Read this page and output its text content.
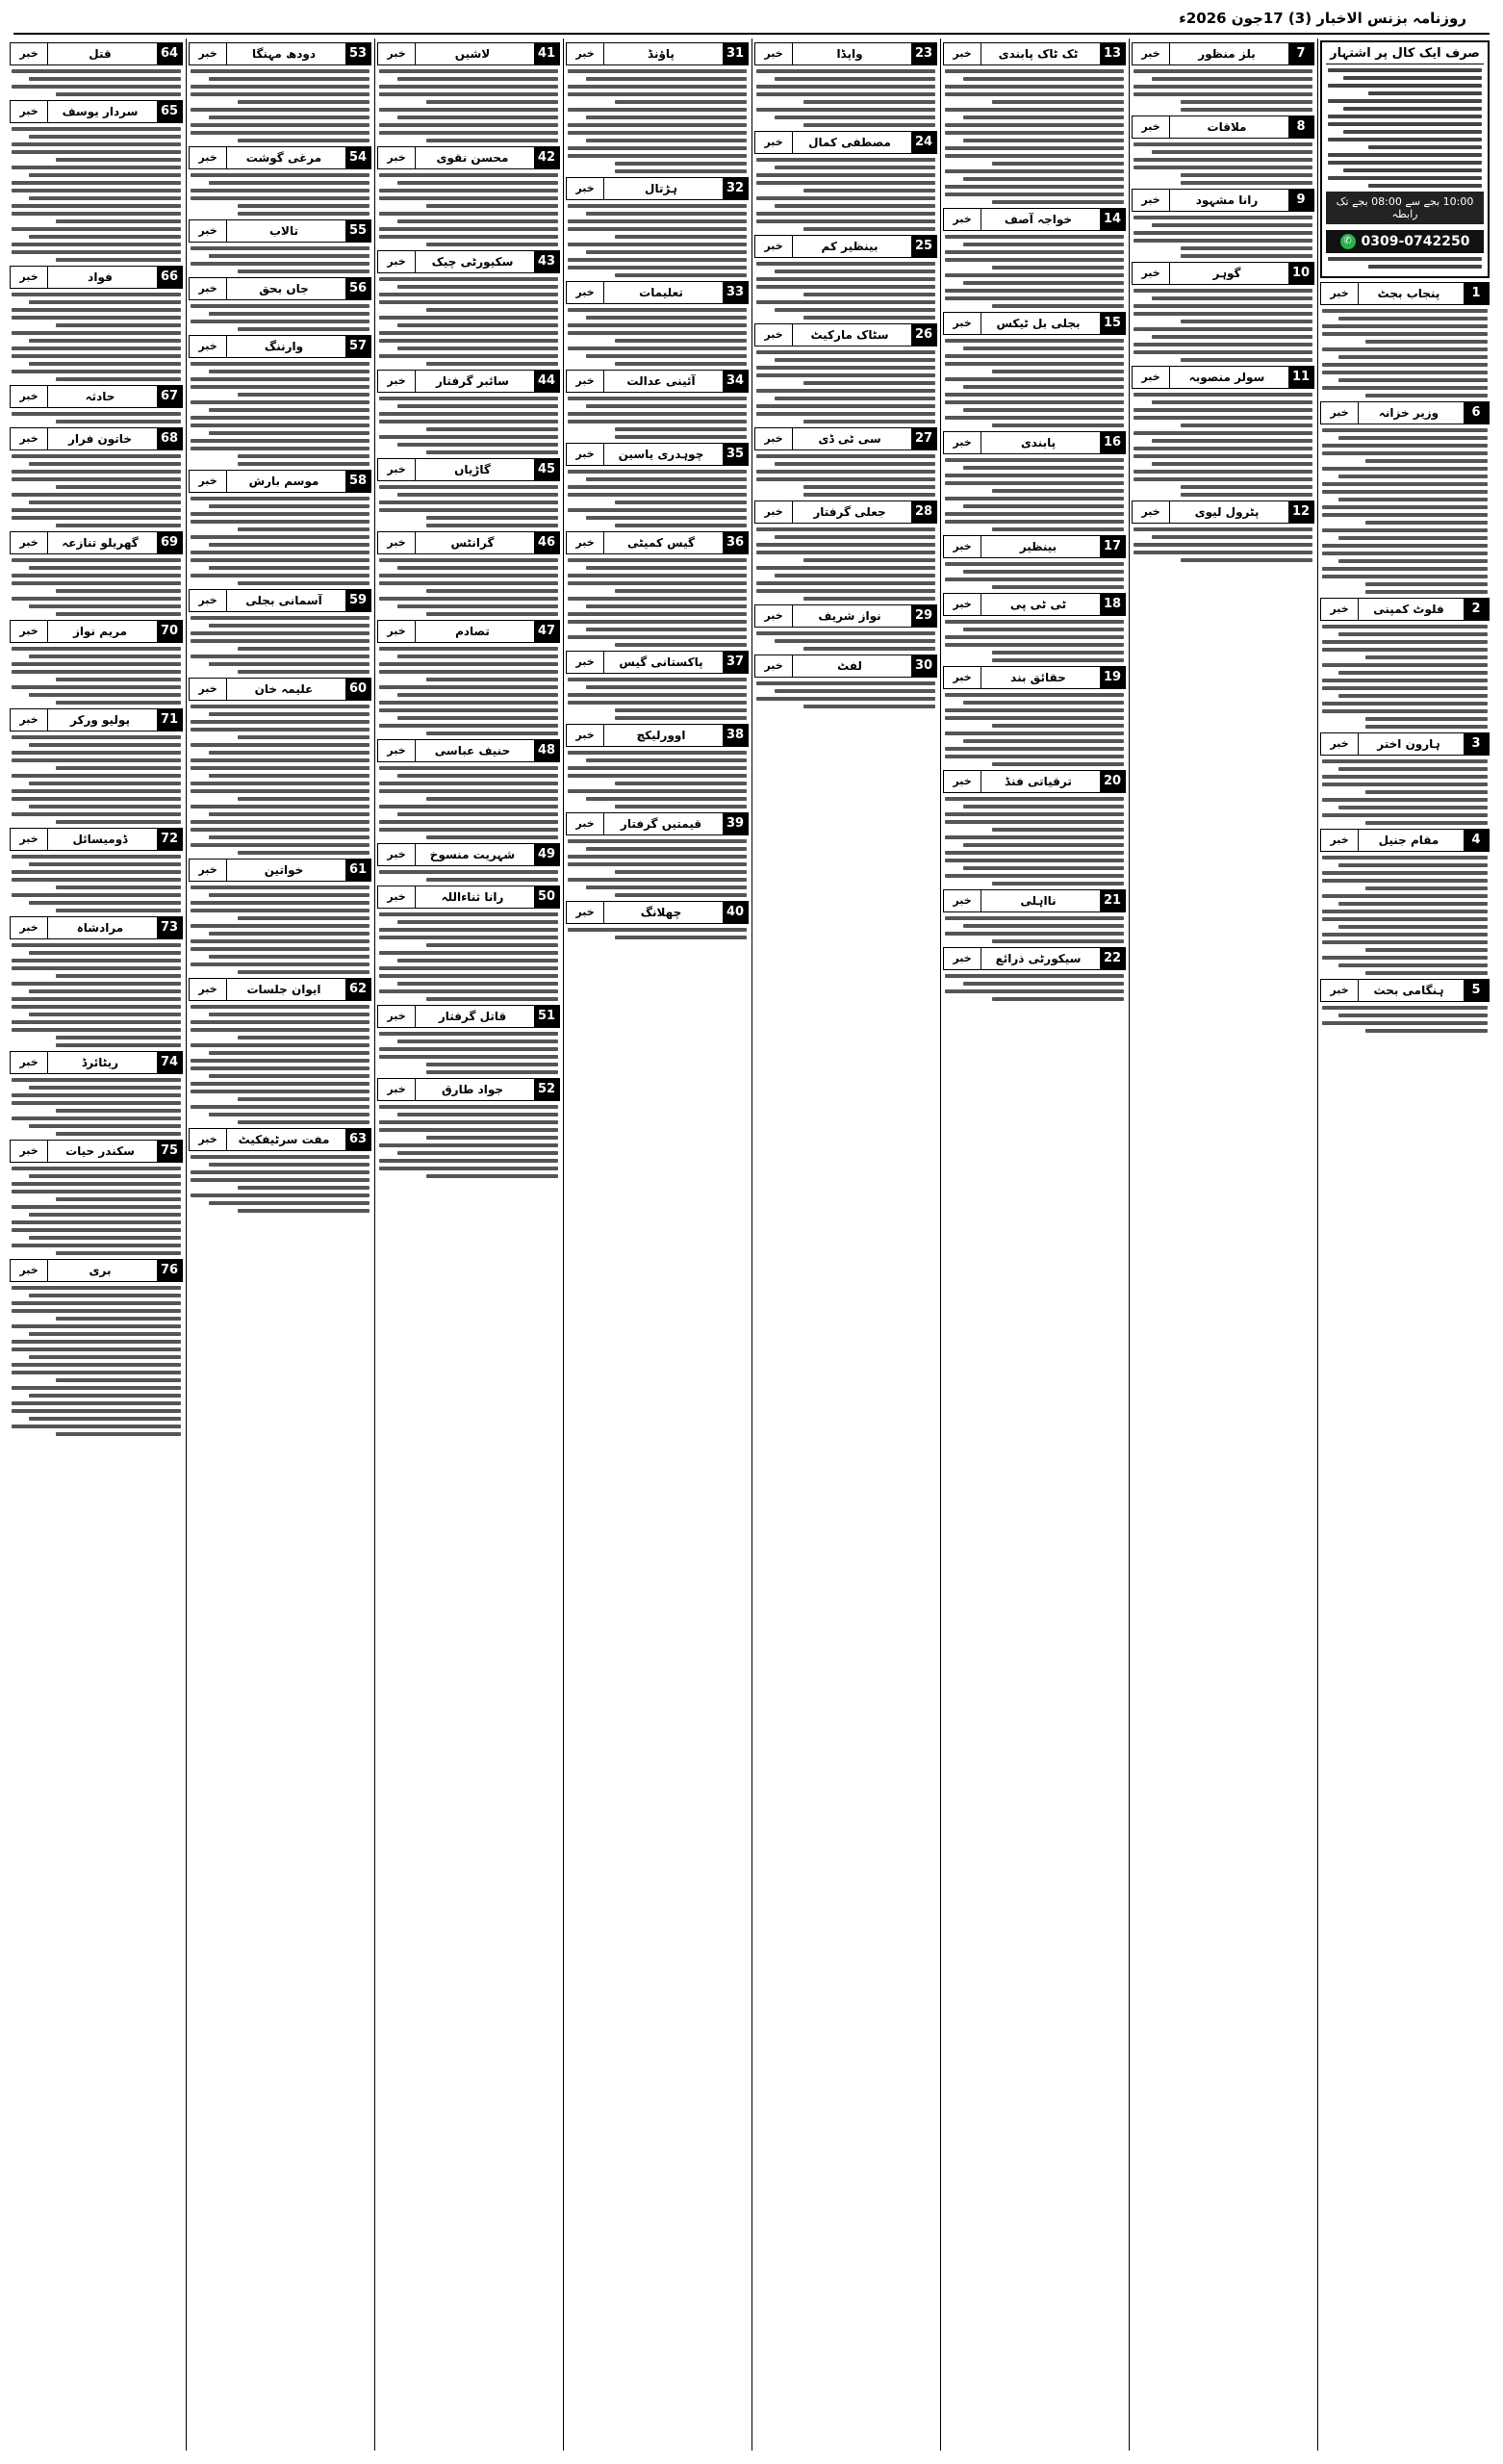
روزنامہ بزنس الاخبار (3) 17جون 2026ء
صرف ایک کال پر اشتہار
10:00 بجے سے 08:00 بجے تک رابطہ
✆ 0309-0742250
1
پنجاب بجٹ
خبر
6
وزیر خزانہ
خبر
2
فلوٹ کمپنی
خبر
3
ہارون اختر
خبر
4
مقام جنیل
خبر
5
ہنگامی بحث
خبر
7
بلز منظور
خبر
8
ملاقات
خبر
9
رانا مشہود
خبر
10
گوہر
خبر
11
سولر منصوبہ
خبر
12
پٹرول لیوی
خبر
13
ٹک ٹاک پابندی
خبر
14
خواجہ آصف
خبر
15
بجلی بل ٹیکس
خبر
16
پابندی
خبر
17
بینظیر
خبر
18
ٹی ٹی پی
خبر
19
حقائق بند
خبر
20
ترقیاتی فنڈ
خبر
21
نااہلی
خبر
22
سیکورٹی ذرائع
خبر
23
واپڈا
خبر
24
مصطفی کمال
خبر
25
بینظیر کم
خبر
26
سٹاک مارکیٹ
خبر
27
سی ٹی ڈی
خبر
28
جعلی گرفتار
خبر
29
نواز شریف
خبر
30
لفٹ
خبر
31
پاؤنڈ
خبر
32
ہڑتال
خبر
33
تعلیمات
خبر
34
آئینی عدالت
خبر
35
چوہدری یاسین
خبر
36
گیس کمیٹی
خبر
37
پاکستانی گیس
خبر
38
اوورلیکچ
خبر
39
قیمتیں گرفتار
خبر
40
چھلانگ
خبر
41
لاشیں
خبر
42
محسن نقوی
خبر
43
سکیورٹی چیک
خبر
44
سائبر گرفتار
خبر
45
گاڑیاں
خبر
46
گرانٹس
خبر
47
تصادم
خبر
48
حنیف عباسی
خبر
49
شہریت منسوخ
خبر
50
رانا ثناءاللہ
خبر
51
قاتل گرفتار
خبر
52
جواد طارق
خبر
53
دودھ مہنگا
خبر
54
مرغی گوشت
خبر
55
تالاب
خبر
56
جاں بحق
خبر
57
وارننگ
خبر
58
موسم بارش
خبر
59
آسمانی بجلی
خبر
60
علیمہ خان
خبر
61
خواتین
خبر
62
ایوان جلسات
خبر
63
مفت سرٹیفکیٹ
خبر
64
قتل
خبر
65
سردار یوسف
خبر
66
فواد
خبر
67
حادثہ
خبر
68
خاتون فرار
خبر
69
گھریلو تنازعہ
خبر
70
مریم نواز
خبر
71
پولیو ورکر
خبر
72
ڈومیسائل
خبر
73
مرادشاہ
خبر
74
ریٹائرڈ
خبر
75
سکندر حیات
خبر
76
بری
خبر
